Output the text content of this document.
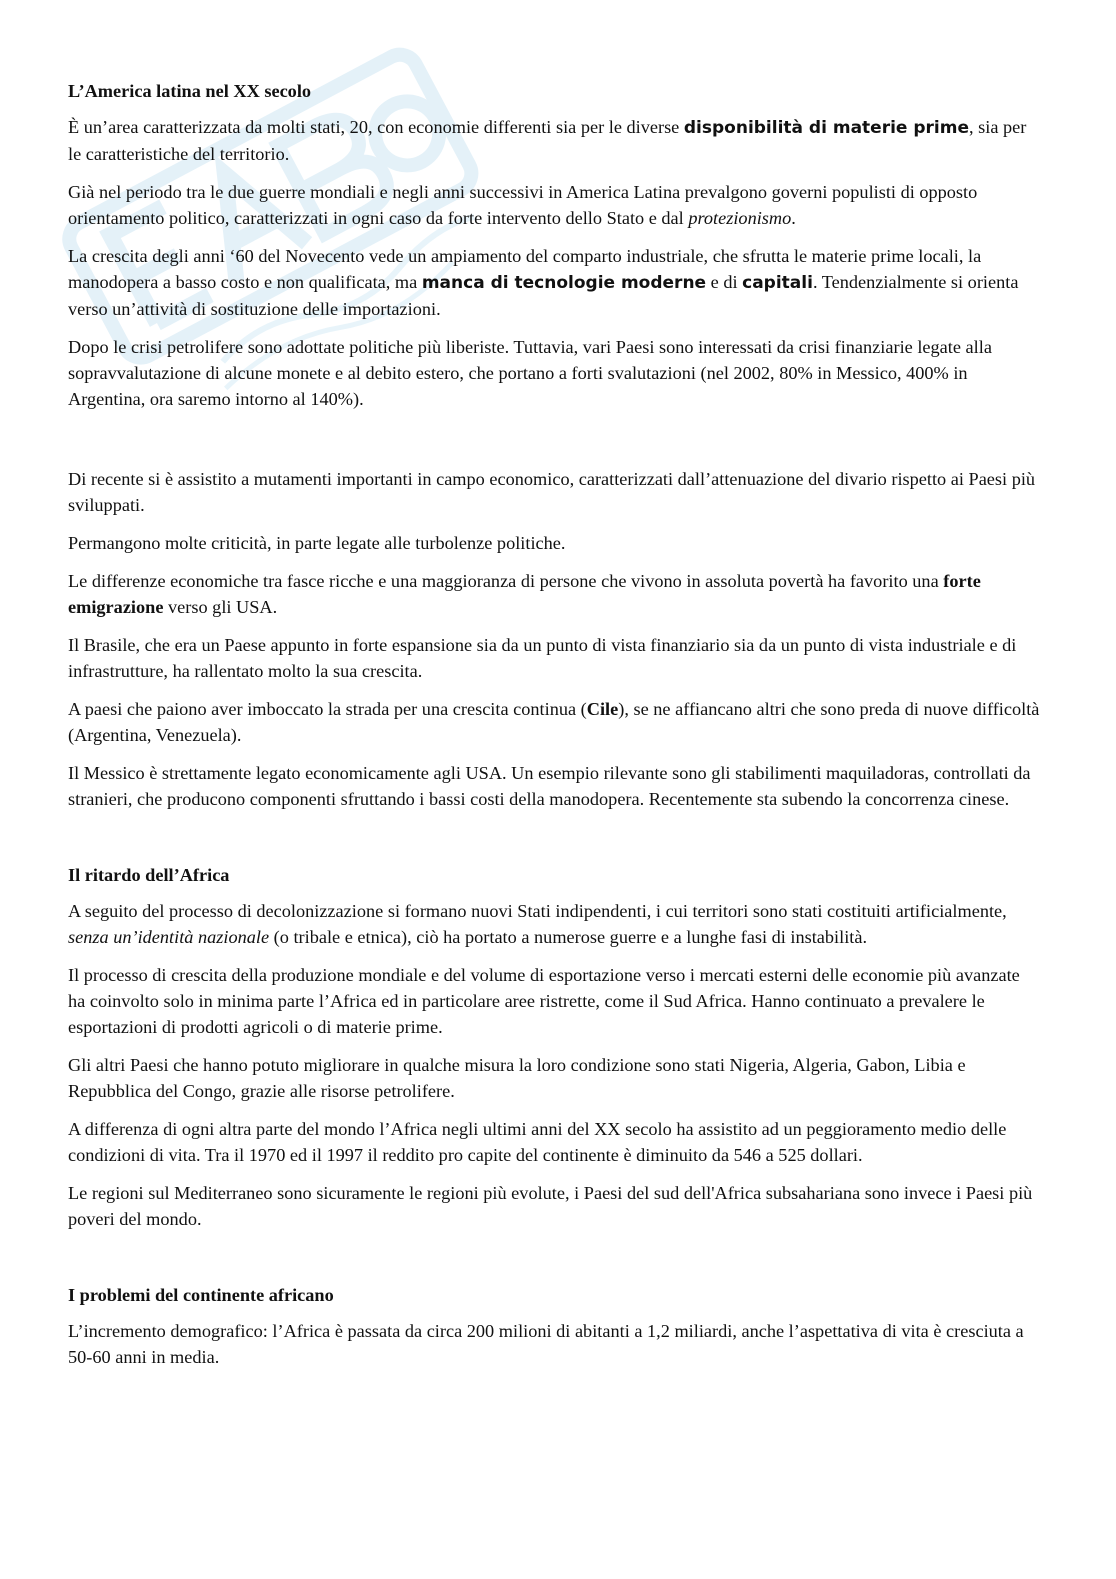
L’America latina nel XX secolo

È un’area caratterizzata da molti stati, 20, con economie differenti sia per le diverse disponibilità di materie prime, sia per le caratteristiche del territorio.

Già nel periodo tra le due guerre mondiali e negli anni successivi in America Latina prevalgono governi populisti di opposto orientamento politico, caratterizzati in ogni caso da forte intervento dello Stato e dal protezionismo.

La crescita degli anni ‘60 del Novecento vede un ampiamento del comparto industriale, che sfrutta le materie prime locali, la manodopera a basso costo e non qualificata, ma manca di tecnologie moderne e di capitali. Tendenzialmente si orienta verso un’attività di sostituzione delle importazioni.

Dopo le crisi petrolifere sono adottate politiche più liberiste. Tuttavia, vari Paesi sono interessati da crisi finanziarie legate alla sopravvalutazione di alcune monete e al debito estero, che portano a forti svalutazioni (nel 2002, 80% in Messico, 400% in Argentina, ora saremo intorno al 140%).

Di recente si è assistito a mutamenti importanti in campo economico, caratterizzati dall’attenuazione del divario rispetto ai Paesi più sviluppati.

Permangono molte criticità, in parte legate alle turbolenze politiche.

Le differenze economiche tra fasce ricche e una maggioranza di persone che vivono in assoluta povertà ha favorito una forte emigrazione verso gli USA.

Il Brasile, che era un Paese appunto in forte espansione sia da un punto di vista finanziario sia da un punto di vista industriale e di infrastrutture, ha rallentato molto la sua crescita.

A paesi che paiono aver imboccato la strada per una crescita continua (Cile), se ne affiancano altri che sono preda di nuove difficoltà (Argentina, Venezuela).

Il Messico è strettamente legato economicamente agli USA. Un esempio rilevante sono gli stabilimenti maquiladoras, controllati da stranieri, che producono componenti sfruttando i bassi costi della manodopera. Recentemente sta subendo la concorrenza cinese.

Il ritardo dell’Africa

A seguito del processo di decolonizzazione si formano nuovi Stati indipendenti, i cui territori sono stati costituiti artificialmente, senza un’identità nazionale (o tribale e etnica), ciò ha portato a numerose guerre e a lunghe fasi di instabilità.

Il processo di crescita della produzione mondiale e del volume di esportazione verso i mercati esterni delle economie più avanzate ha coinvolto solo in minima parte l’Africa ed in particolare aree ristrette, come il Sud Africa. Hanno continuato a prevalere le esportazioni di prodotti agricoli o di materie prime.

Gli altri Paesi che hanno potuto migliorare in qualche misura la loro condizione sono stati Nigeria, Algeria, Gabon, Libia e Repubblica del Congo, grazie alle risorse petrolifere.

A differenza di ogni altra parte del mondo l’Africa negli ultimi anni del XX secolo ha assistito ad un peggioramento medio delle condizioni di vita. Tra il 1970 ed il 1997 il reddito pro capite del continente è diminuito da 546 a 525 dollari.

Le regioni sul Mediterraneo sono sicuramente le regioni più evolute, i Paesi del sud dell'Africa subsahariana sono invece i Paesi più poveri del mondo.

I problemi del continente africano

L’incremento demografico: l’Africa è passata da circa 200 milioni di abitanti a 1,2 miliardi, anche l’aspettativa di vita è cresciuta a 50-60 anni in media.
